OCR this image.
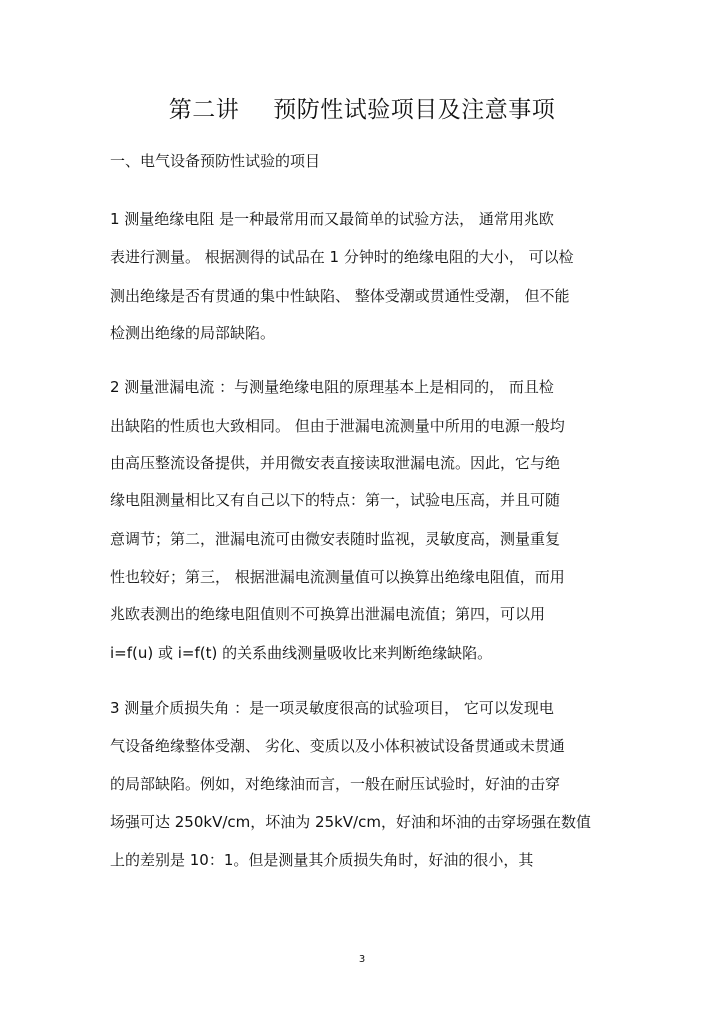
第二讲 预防性试验项目及注意事项
一、电气设备预防性试验的项目
1 测量绝缘电阻 是一种最常用而又最简单的试验方法， 通常用兆欧
表进行测量。 根据测得的试品在 1 分钟时的绝缘电阻的大小， 可以检
测出绝缘是否有贯通的集中性缺陷、 整体受潮或贯通性受潮， 但不能
检测出绝缘的局部缺陷。
2 测量泄漏电流 ：与测量绝缘电阻的原理基本上是相同的， 而且检
出缺陷的性质也大致相同。 但由于泄漏电流测量中所用的电源一般均
由高压整流设备提供，并用微安表直接读取泄漏电流。因此，它与绝
缘电阻测量相比又有自己以下的特点：第一，试验电压高，并且可随
意调节；第二，泄漏电流可由微安表随时监视，灵敏度高，测量重复
性也较好；第三， 根据泄漏电流测量值可以换算出绝缘电阻值，而用
兆欧表测出的绝缘电阻值则不可换算出泄漏电流值；第四，可以用
i=f(u) 或 i=f(t) 的关系曲线测量吸收比来判断绝缘缺陷。
3 测量介质损失角 ：是一项灵敏度很高的试验项目， 它可以发现电
气设备绝缘整体受潮、 劣化、变质以及小体积被试设备贯通或未贯通
的局部缺陷。例如，对绝缘油而言，一般在耐压试验时，好油的击穿
场强可达 250kV/cm，坏油为 25kV/cm，好油和坏油的击穿场强在数值
上的差别是 10：1。但是测量其介质损失角时，好油的很小，其
3
